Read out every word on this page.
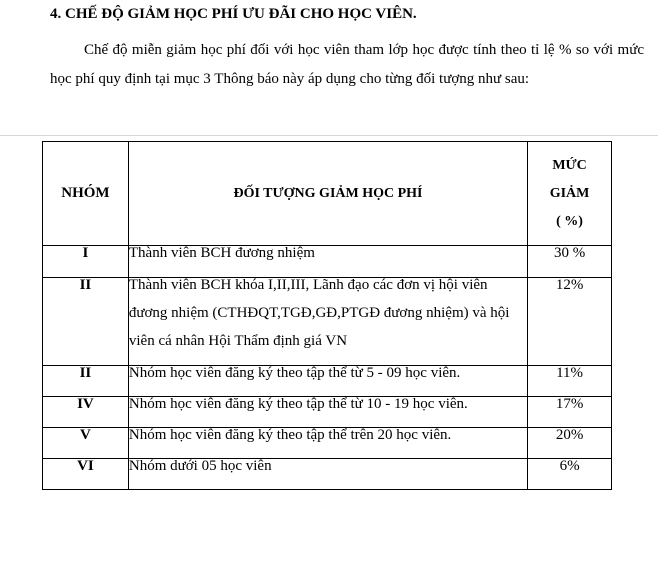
4. CHẾ ĐỘ GIẢM HỌC PHÍ ƯU ĐÃI CHO HỌC VIÊN.

Chế độ miễn giảm học phí đối với học viên tham lớp học được tính theo tỉ lệ % so với mức học phí quy định tại mục 3 Thông báo này áp dụng cho từng đối tượng như sau:

NHÓM	ĐỐI TƯỢNG GIẢM HỌC PHÍ	MỨC
GIẢM
( %)

I	Thành viên BCH đương nhiệm	30 %
II	Thành viên BCH khóa I,II,III, Lãnh đạo các đơn vị hội viên đương nhiệm (CTHĐQT,TGĐ,GĐ,PTGĐ đương nhiệm) và hội viên cá nhân Hội Thẩm định giá VN	12%
II	Nhóm học viên đăng ký theo tập thể từ 5 - 09 học viên.	11%
IV	Nhóm học viên đăng ký theo tập thể từ 10 - 19 học viên.	17%
V	Nhóm học viên đăng ký theo tập thể trên 20 học viên.	20%
VI	Nhóm dưới 05 học viên	6%
